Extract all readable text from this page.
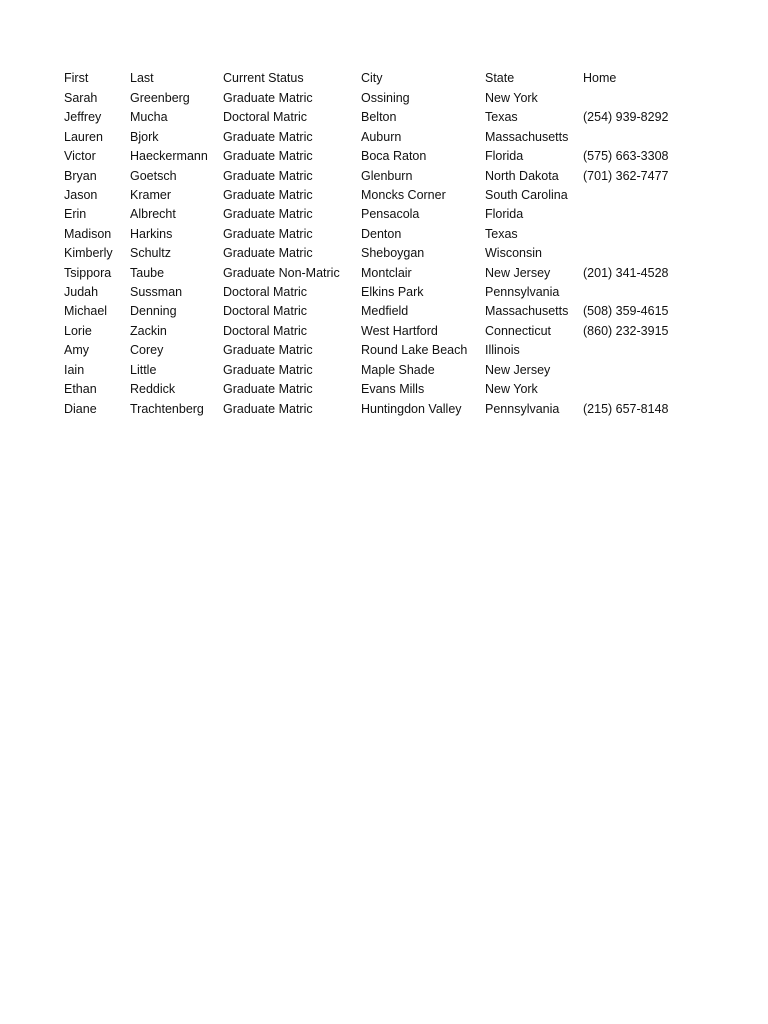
First	Last	Current Status	City	State	Home
Sarah	Greenberg	Graduate Matric	Ossining	New York	
Jeffrey	Mucha	Doctoral Matric	Belton	Texas	(254) 939-8292
Lauren	Bjork	Graduate Matric	Auburn	Massachusetts	
Victor	Haeckermann	Graduate Matric	Boca Raton	Florida	(575) 663-3308
Bryan	Goetsch	Graduate Matric	Glenburn	North Dakota	(701) 362-7477
Jason	Kramer	Graduate Matric	Moncks Corner	South Carolina	
Erin	Albrecht	Graduate Matric	Pensacola	Florida	
Madison	Harkins	Graduate Matric	Denton	Texas	
Kimberly	Schultz	Graduate Matric	Sheboygan	Wisconsin	
Tsippora	Taube	Graduate Non-Matric	Montclair	New Jersey	(201) 341-4528
Judah	Sussman	Doctoral Matric	Elkins Park	Pennsylvania	
Michael	Denning	Doctoral Matric	Medfield	Massachusetts	(508) 359-4615
Lorie	Zackin	Doctoral Matric	West Hartford	Connecticut	(860) 232-3915
Amy	Corey	Graduate Matric	Round Lake Beach	Illinois	
Iain	Little	Graduate Matric	Maple Shade	New Jersey	
Ethan	Reddick	Graduate Matric	Evans Mills	New York	
Diane	Trachtenberg	Graduate Matric	Huntingdon Valley	Pennsylvania	(215) 657-8148
